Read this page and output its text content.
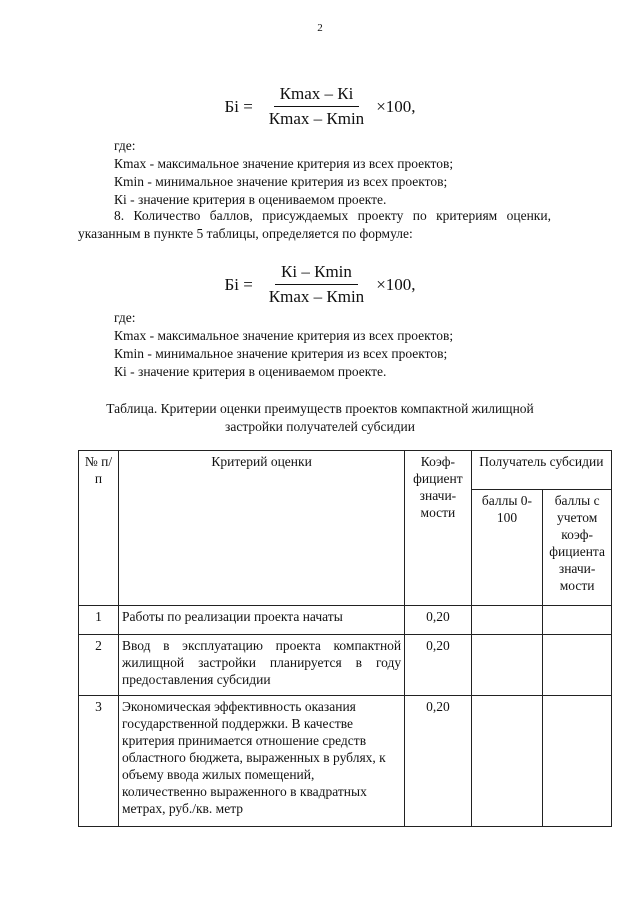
2
Бi = $\frac{К\max - Кi}{К\max - К\min} \times 100$,
где:
Кmax - максимальное значение критерия из всех проектов;
Кmin - минимальное значение критерия из всех проектов;
Кi - значение критерия в оцениваемом проекте.
8. Количество баллов, присуждаемых проекту по критериям оценки,
указанным в пункте 5 таблицы, определяется по формуле:
Бi = $\frac{Кi - К\min}{К\max - К\min} \times 100$,
где:
Кmax - максимальное значение критерия из всех проектов;
Кmin - минимальное значение критерия из всех проектов;
Кi - значение критерия в оцениваемом проекте.
Таблица. Критерии оценки преимуществ проектов компактной жилищной
застройки получателей субсидии
№ п/п	Критерий оценки	Коэф-фициент значи-мости	Получатель субсидии	
			баллы 0-100	баллы с учетом коэф-фициента значи-мости
1	Работы по реализации проекта начаты	0,20		
2	Ввод в эксплуатацию проекта компактной жилищной застройки планируется в году предоставления субсидии	0,20		
3	Экономическая эффективность оказания государственной поддержки. В качестве критерия принимается отношение средств областного бюджета, выраженных в рублях, к объему ввода жилых помещений, количественно выраженного в квадратных метрах, руб./кв. метр	0,20		
